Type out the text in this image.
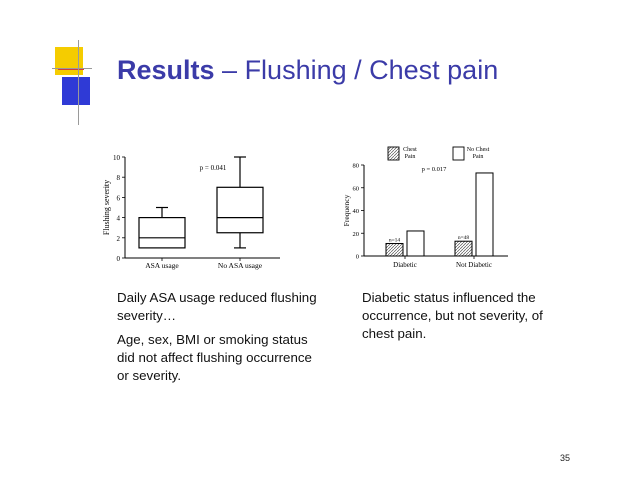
Results – Flushing / Chest pain
0
2
4
6
8
10
Flushing severity
p = 0.041
ASA usage	No ASA usage
0
20
40
60
80
Frequency
Chest
Pain
No Chest
Pain
p = 0.017
n=14
Diabetic
n=48
Not Diabetic

Daily ASA usage reduced flushing severity…

Age, sex, BMI or smoking status did not affect flushing occurrence or severity.

Diabetic status influenced the occurrence, but not severity, of chest pain.
35
